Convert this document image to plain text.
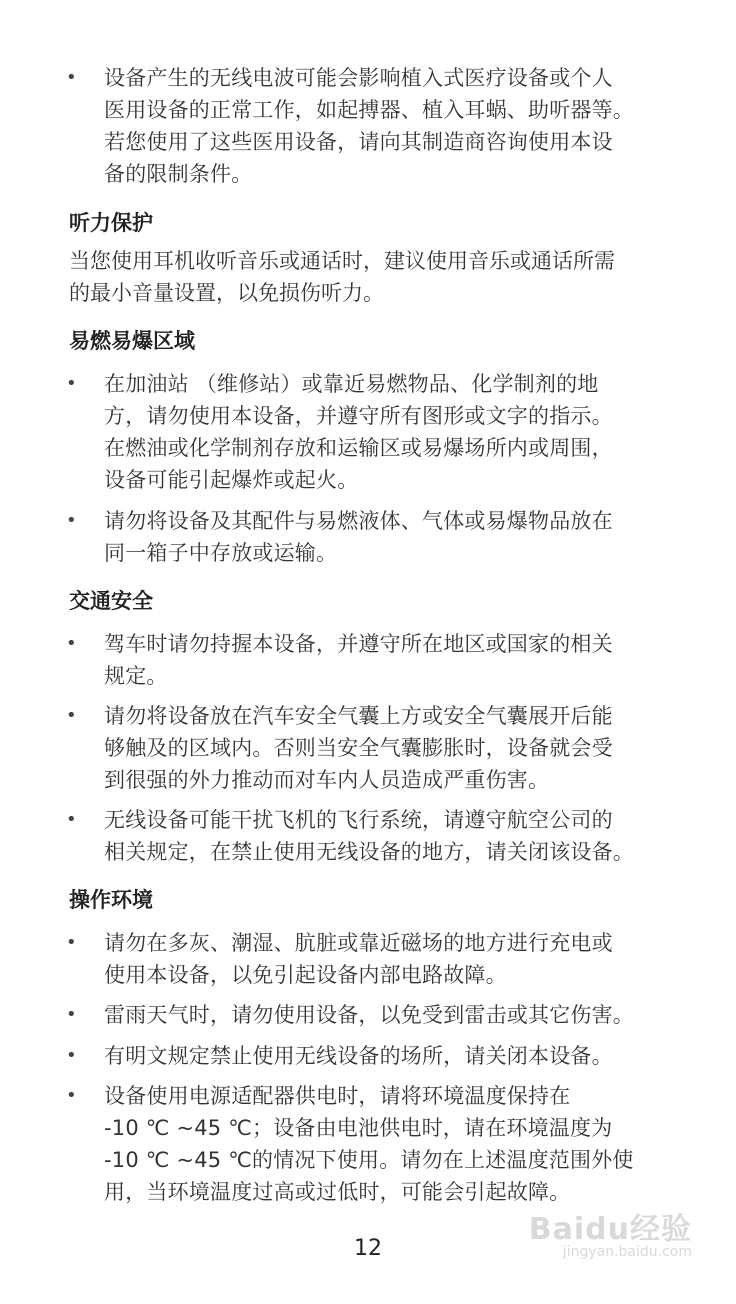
• 设备产生的无线电波可能会影响植入式医疗设备或个人
医用设备的正常工作，如起搏器、植入耳蜗、助听器等。
若您使用了这些医用设备，请向其制造商咨询使用本设
备的限制条件。
听力保护
当您使用耳机收听音乐或通话时，建议使用音乐或通话所需
的最小音量设置，以免损伤听力。
易燃易爆区域
• 在加油站 （维修站）或靠近易燃物品、化学制剂的地
方，请勿使用本设备，并遵守所有图形或文字的指示。
在燃油或化学制剂存放和运输区或易爆场所内或周围，
设备可能引起爆炸或起火。
• 请勿将设备及其配件与易燃液体、气体或易爆物品放在
同一箱子中存放或运输。
交通安全
• 驾车时请勿持握本设备，并遵守所在地区或国家的相关
规定。
• 请勿将设备放在汽车安全气囊上方或安全气囊展开后能
够触及的区域内。否则当安全气囊膨胀时，设备就会受
到很强的外力推动而对车内人员造成严重伤害。
• 无线设备可能干扰飞机的飞行系统，请遵守航空公司的
相关规定，在禁止使用无线设备的地方，请关闭该设备。
操作环境
• 请勿在多灰、潮湿、肮脏或靠近磁场的地方进行充电或
使用本设备，以免引起设备内部电路故障。
• 雷雨天气时，请勿使用设备，以免受到雷击或其它伤害。
• 有明文规定禁止使用无线设备的场所，请关闭本设备。
• 设备使用电源适配器供电时，请将环境温度保持在
-10 ℃ ~45 ℃；设备由电池供电时，请在环境温度为
-10 ℃ ~45 ℃的情况下使用。请勿在上述温度范围外使
用，当环境温度过高或过低时，可能会引起故障。
Baidu经验
jingyan.baidu.com
12
